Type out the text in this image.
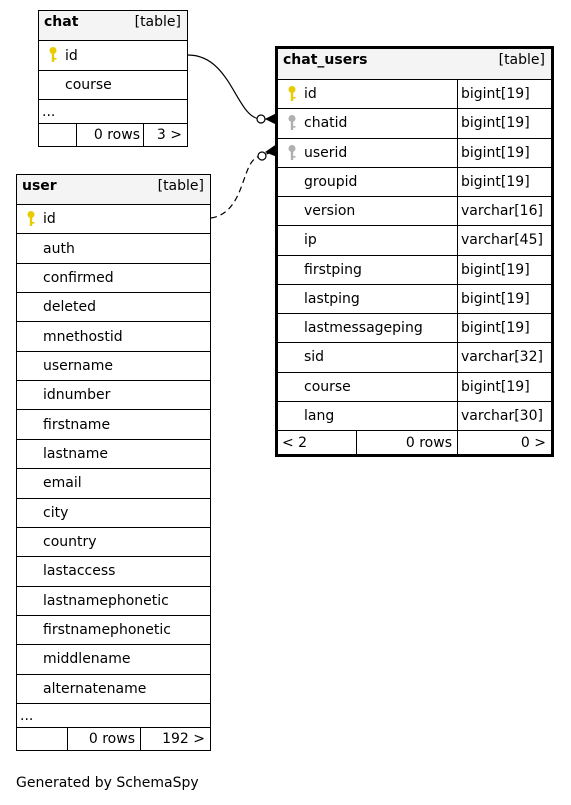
chat	[table]
id
course
...
0 rows 3 >
user	[table]
id
auth
confirmed
deleted
mnethostid
username
idnumber
firstname
lastname
email
city
country
lastaccess
lastnamephonetic
firstnamephonetic
middlename
alternatename
...
0 rows 192 >
chat_users	[table]
id	bigint[19]
chatid	bigint[19]
userid	bigint[19]
groupid	bigint[19]
version	varchar[16]
ip	varchar[45]
firstping	bigint[19]
lastping	bigint[19]
lastmessageping	bigint[19]
sid	varchar[32]
course	bigint[19]
lang	varchar[30]
< 2	0 rows	0 >
Generated by SchemaSpy
